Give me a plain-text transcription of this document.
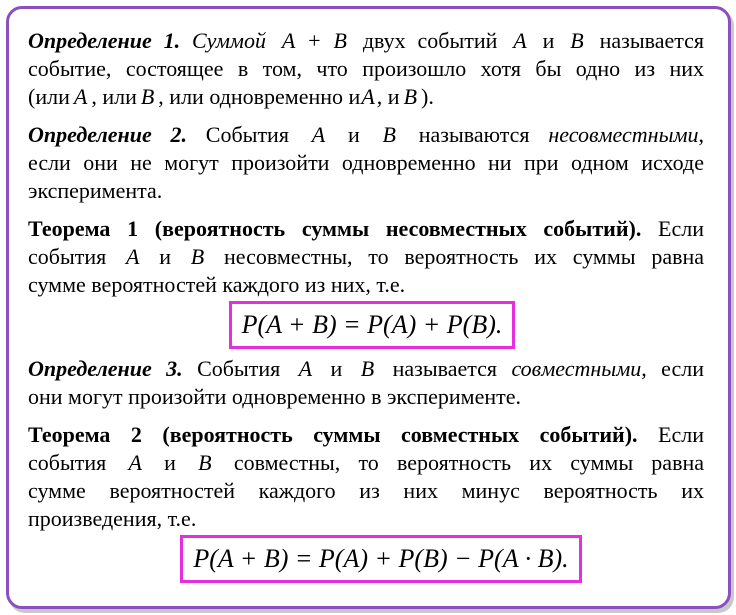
Определение 1. Суммой A + B двух событий A и B называется
событие, состоящее в том, что произошло хотя бы одно из них
(или A , или B , или одновременно иA, и B ).
Определение 2. События A и B называются несовместными,
если они не могут произойти одновременно ни при одном исходе
эксперимента.
Теорема 1 (вероятность суммы несовместных событий). Если
события A и B несовместны, то вероятность их суммы равна
сумме вероятностей каждого из них, т.е.
P(A + B) = P(A) + P(B).
Определение 3. События A и B называется совместными, если
они могут произойти одновременно в эксперименте.
Теорема 2 (вероятность суммы совместных событий). Если
события A и B совместны, то вероятность их суммы равна
сумме вероятностей каждого из них минус вероятность их
произведения, т.е.
P(A + B) = P(A) + P(B) − P(A · B).
